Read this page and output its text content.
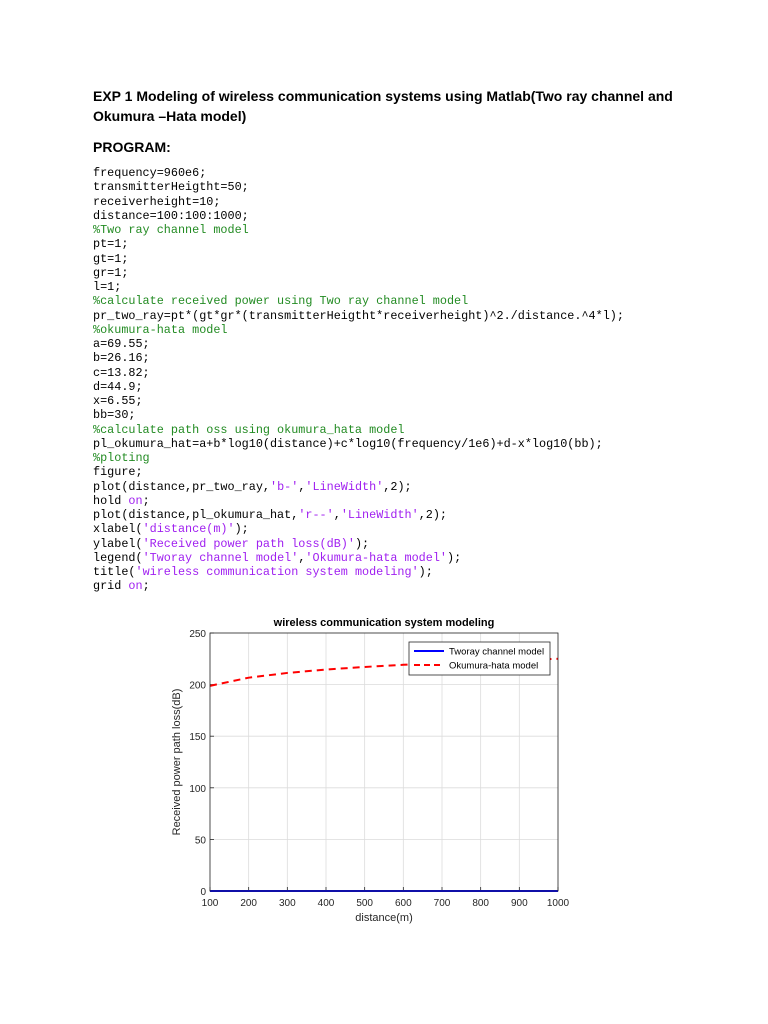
EXP 1 Modeling of wireless communication systems using Matlab(Two ray channel and Okumura –Hata model)

PROGRAM:

frequency=960e6;
transmitterHeigtht=50;
receiverheight=10;
distance=100:100:1000;
%Two ray channel model
pt=1;
gt=1;
gr=1;
l=1;
%calculate received power using Two ray channel model
pr_two_ray=pt*(gt*gr*(transmitterHeigtht*receiverheight)^2./distance.^4*l);
%okumura-hata model
a=69.55;
b=26.16;
c=13.82;
d=44.9;
x=6.55;
bb=30;
%calculate path oss using okumura_hata model
pl_okumura_hat=a+b*log10(distance)+c*log10(frequency/1e6)+d-x*log10(bb);
%ploting
figure;
plot(distance,pr_two_ray,'b-','LineWidth',2);
hold on;
plot(distance,pl_okumura_hat,'r--','LineWidth',2);
xlabel('distance(m)');
ylabel('Received power path loss(dB)');
legend('Tworay channel model','Okumura-hata model');
title('wireless communication system modeling');
grid on;
100 200 300 400 500 600 700 800 900 1000
0
50
100
150
200
250
wireless communication system modeling
distance(m)
Received power path loss(dB)
Tworay channel model
Okumura-hata model
